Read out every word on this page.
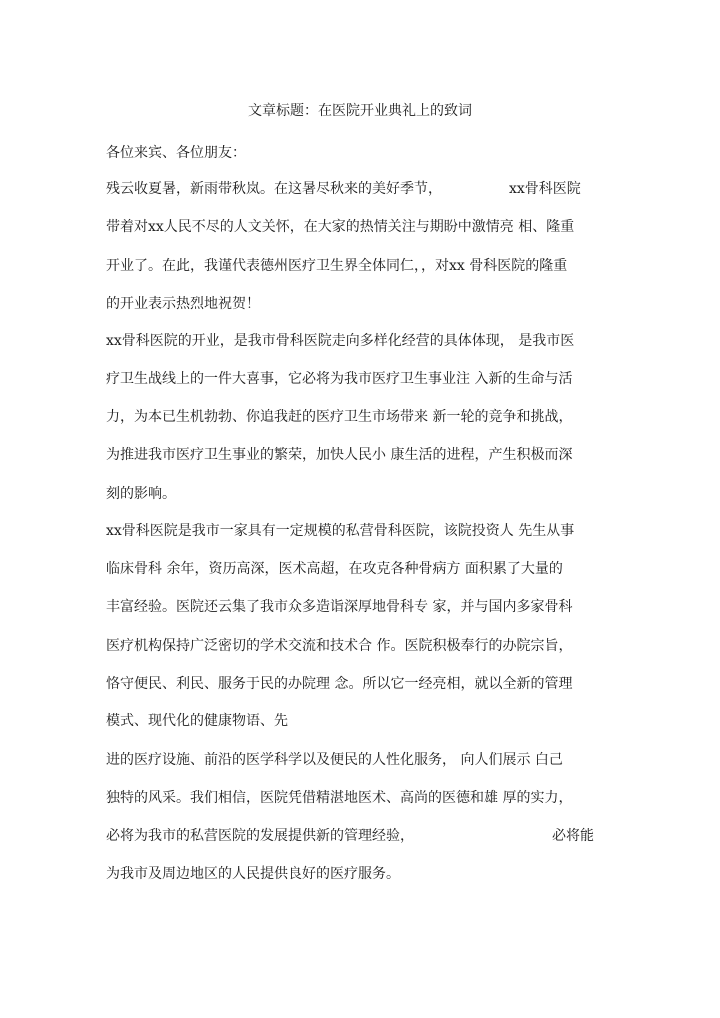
文章标题：在医院开业典礼上的致词
各位来宾、各位朋友：
残云收夏暑，新雨带秋岚。在这暑尽秋来的美好季节，	xx骨科医院
带着对xx人民不尽的人文关怀，在大家的热情关注与期盼中激情亮 相、隆重
开业了。在此，我谨代表德州医疗卫生界全体同仁，，对xx 骨科医院的隆重
的开业表示热烈地祝贺！
xx骨科医院的开业，是我市骨科医院走向多样化经营的具体体现， 是我市医
疗卫生战线上的一件大喜事，它必将为我市医疗卫生事业注 入新的生命与活
力，为本已生机勃勃、你追我赶的医疗卫生市场带来 新一轮的竞争和挑战，
为推进我市医疗卫生事业的繁荣，加快人民小 康生活的进程，产生积极而深
刻的影响。
xx骨科医院是我市一家具有一定规模的私营骨科医院，该院投资人 先生从事
临床骨科 余年，资历高深，医术高超，在攻克各种骨病方 面积累了大量的
丰富经验。医院还云集了我市众多造诣深厚地骨科专 家，并与国内多家骨科
医疗机构保持广泛密切的学术交流和技术合 作。医院积极奉行的办院宗旨，
恪守便民、利民、服务于民的办院理 念。所以它一经亮相，就以全新的管理
模式、现代化的健康物语、先
进的医疗设施、前沿的医学科学以及便民的人性化服务， 向人们展示 白己
独特的风采。我们相信，医院凭借精湛地医术、高尚的医德和雄 厚的实力，
必将为我市的私营医院的发展提供新的管理经验，	必将能
为我市及周边地区的人民提供良好的医疗服务。
